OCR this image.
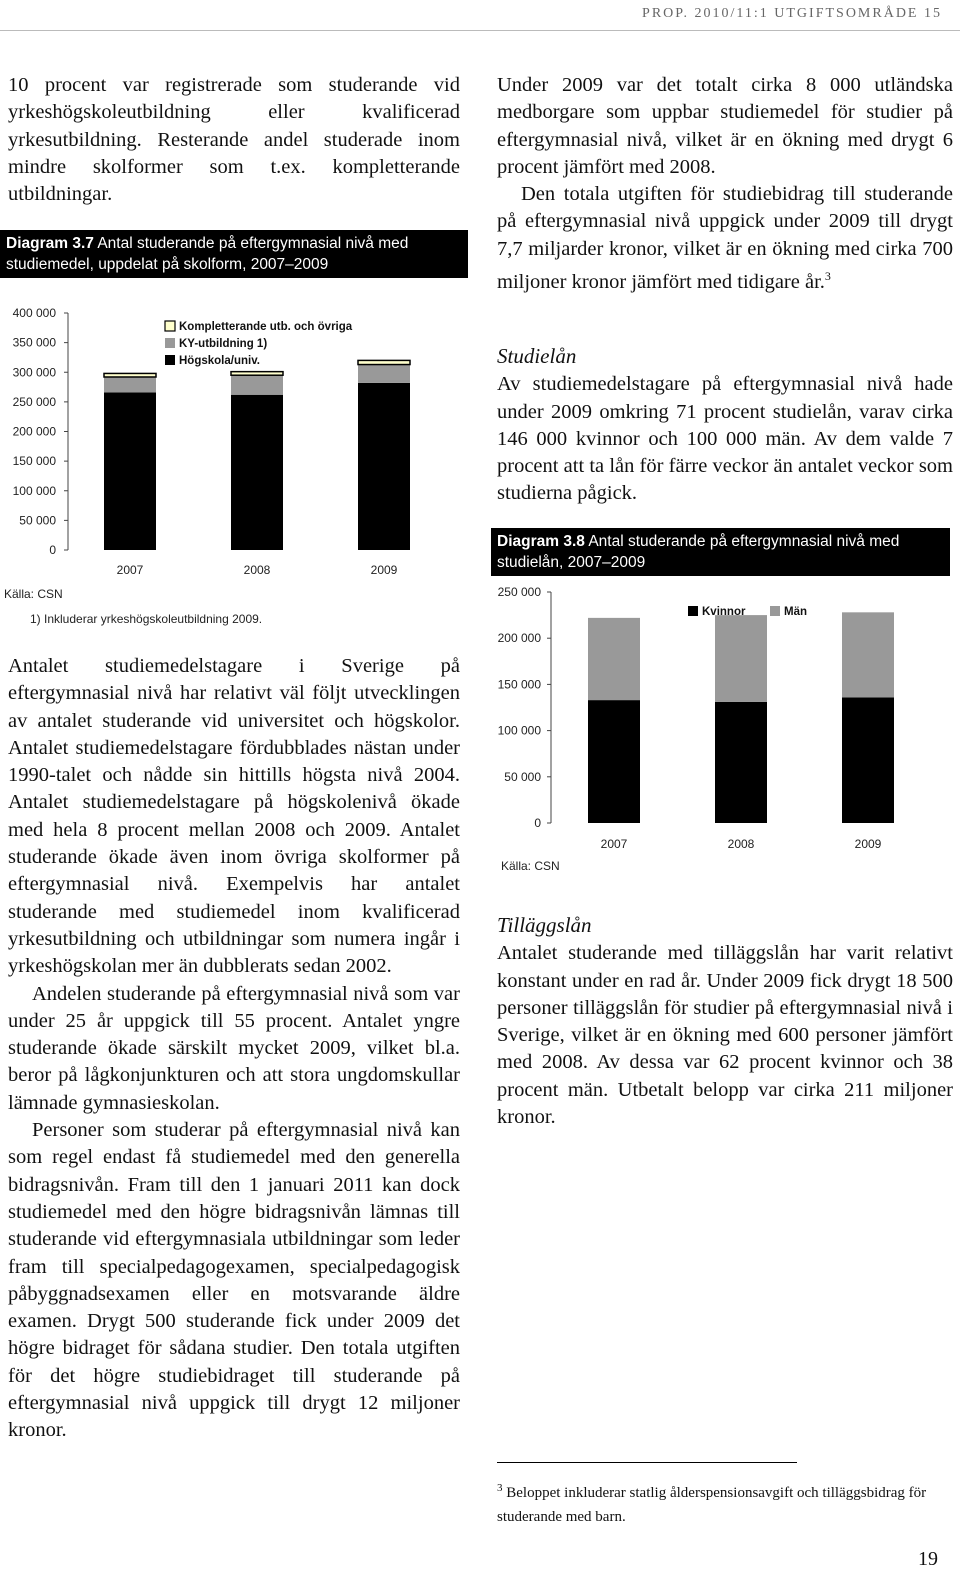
PROP. 2010/11:1 UTGIFTSOMRÅDE 15

10 procent var registrerade som studerande vid yrkeshögskoleutbildning eller kvalificerad yrkesutbildning. Resterande andel studerade inom mindre skolformer som t.ex. kompletterande utbildningar.

Diagram 3.7 Antal studerande på eftergymnasial nivå med studiemedel, uppdelat på skolform, 2007–2009
0
50 000
100 000
150 000
200 000
250 000
300 000
350 000
400 000
2007	2008	2009
Kompletterande utb. och övriga
KY-utbildning 1)
Högskola/univ.
Källa: CSN
1) Inkluderar yrkeshögskoleutbildning 2009.

Antalet studiemedelstagare i Sverige på eftergymnasial nivå har relativt väl följt utvecklingen av antalet studerande vid universitet och högskolor. Antalet studiemedelstagare fördubblades nästan under 1990-talet och nådde sin hittills högsta nivå 2004. Antalet studiemedelstagare på högskolenivå ökade med hela 8 procent mellan 2008 och 2009. Antalet studerande ökade även inom övriga skolformer på eftergymnasial nivå. Exempelvis har antalet studerande med studiemedel inom kvalificerad yrkesutbildning och utbildningar som numera ingår i yrkeshögskolan mer än dubblerats sedan 2002.

Andelen studerande på eftergymnasial nivå som var under 25 år uppgick till 55 procent. Antalet yngre studerande ökade särskilt mycket 2009, vilket bl.a. beror på lågkonjunkturen och att stora ungdomskullar lämnade gymnasieskolan.

Personer som studerar på eftergymnasial nivå kan som regel endast få studiemedel med den generella bidragsnivån. Fram till den 1 januari 2011 kan dock studiemedel med den högre bidragsnivån lämnas till studerande vid eftergymnasiala utbildningar som leder fram till specialpedagogexamen, specialpedagogisk påbyggnadsexamen eller en motsvarande äldre examen. Drygt 500 studerande fick under 2009 det högre bidraget för sådana studier. Den totala utgiften för det högre studiebidraget till studerande på eftergymnasial nivå uppgick till drygt 12 miljoner kronor.

Under 2009 var det totalt cirka 8 000 utländska medborgare som uppbar studiemedel för studier på eftergymnasial nivå, vilket är en ökning med drygt 6 procent jämfört med 2008.

Den totala utgiften för studiebidrag till studerande på eftergymnasial nivå uppgick under 2009 till drygt 7,7 miljarder kronor, vilket är en ökning med cirka 700 miljoner kronor jämfört med tidigare år.$^3$

Studielån

Av studiemedelstagare på eftergymnasial nivå hade under 2009 omkring 71 procent studielån, varav cirka 146 000 kvinnor och 100 000 män. Av dem valde 7 procent att ta lån för färre veckor än antalet veckor som studierna pågick.

Diagram 3.8 Antal studerande på eftergymnasial nivå med studielån, 2007–2009
0
50 000
100 000
150 000
200 000
250 000
2007	2008	2009
Kvinnor	Män
Källa: CSN
Tilläggslån

Antalet studerande med tilläggslån har varit relativt konstant under en rad år. Under 2009 fick drygt 18 500 personer tilläggslån för studier på eftergymnasial nivå i Sverige, vilket är en ökning med 600 personer jämfört med 2008. Av dessa var 62 procent kvinnor och 38 procent män. Utbetalt belopp var cirka 211 miljoner kronor.

$^3$ Beloppet inkluderar statlig ålderspensionsavgift och tilläggsbidrag för studerande med barn.
19
